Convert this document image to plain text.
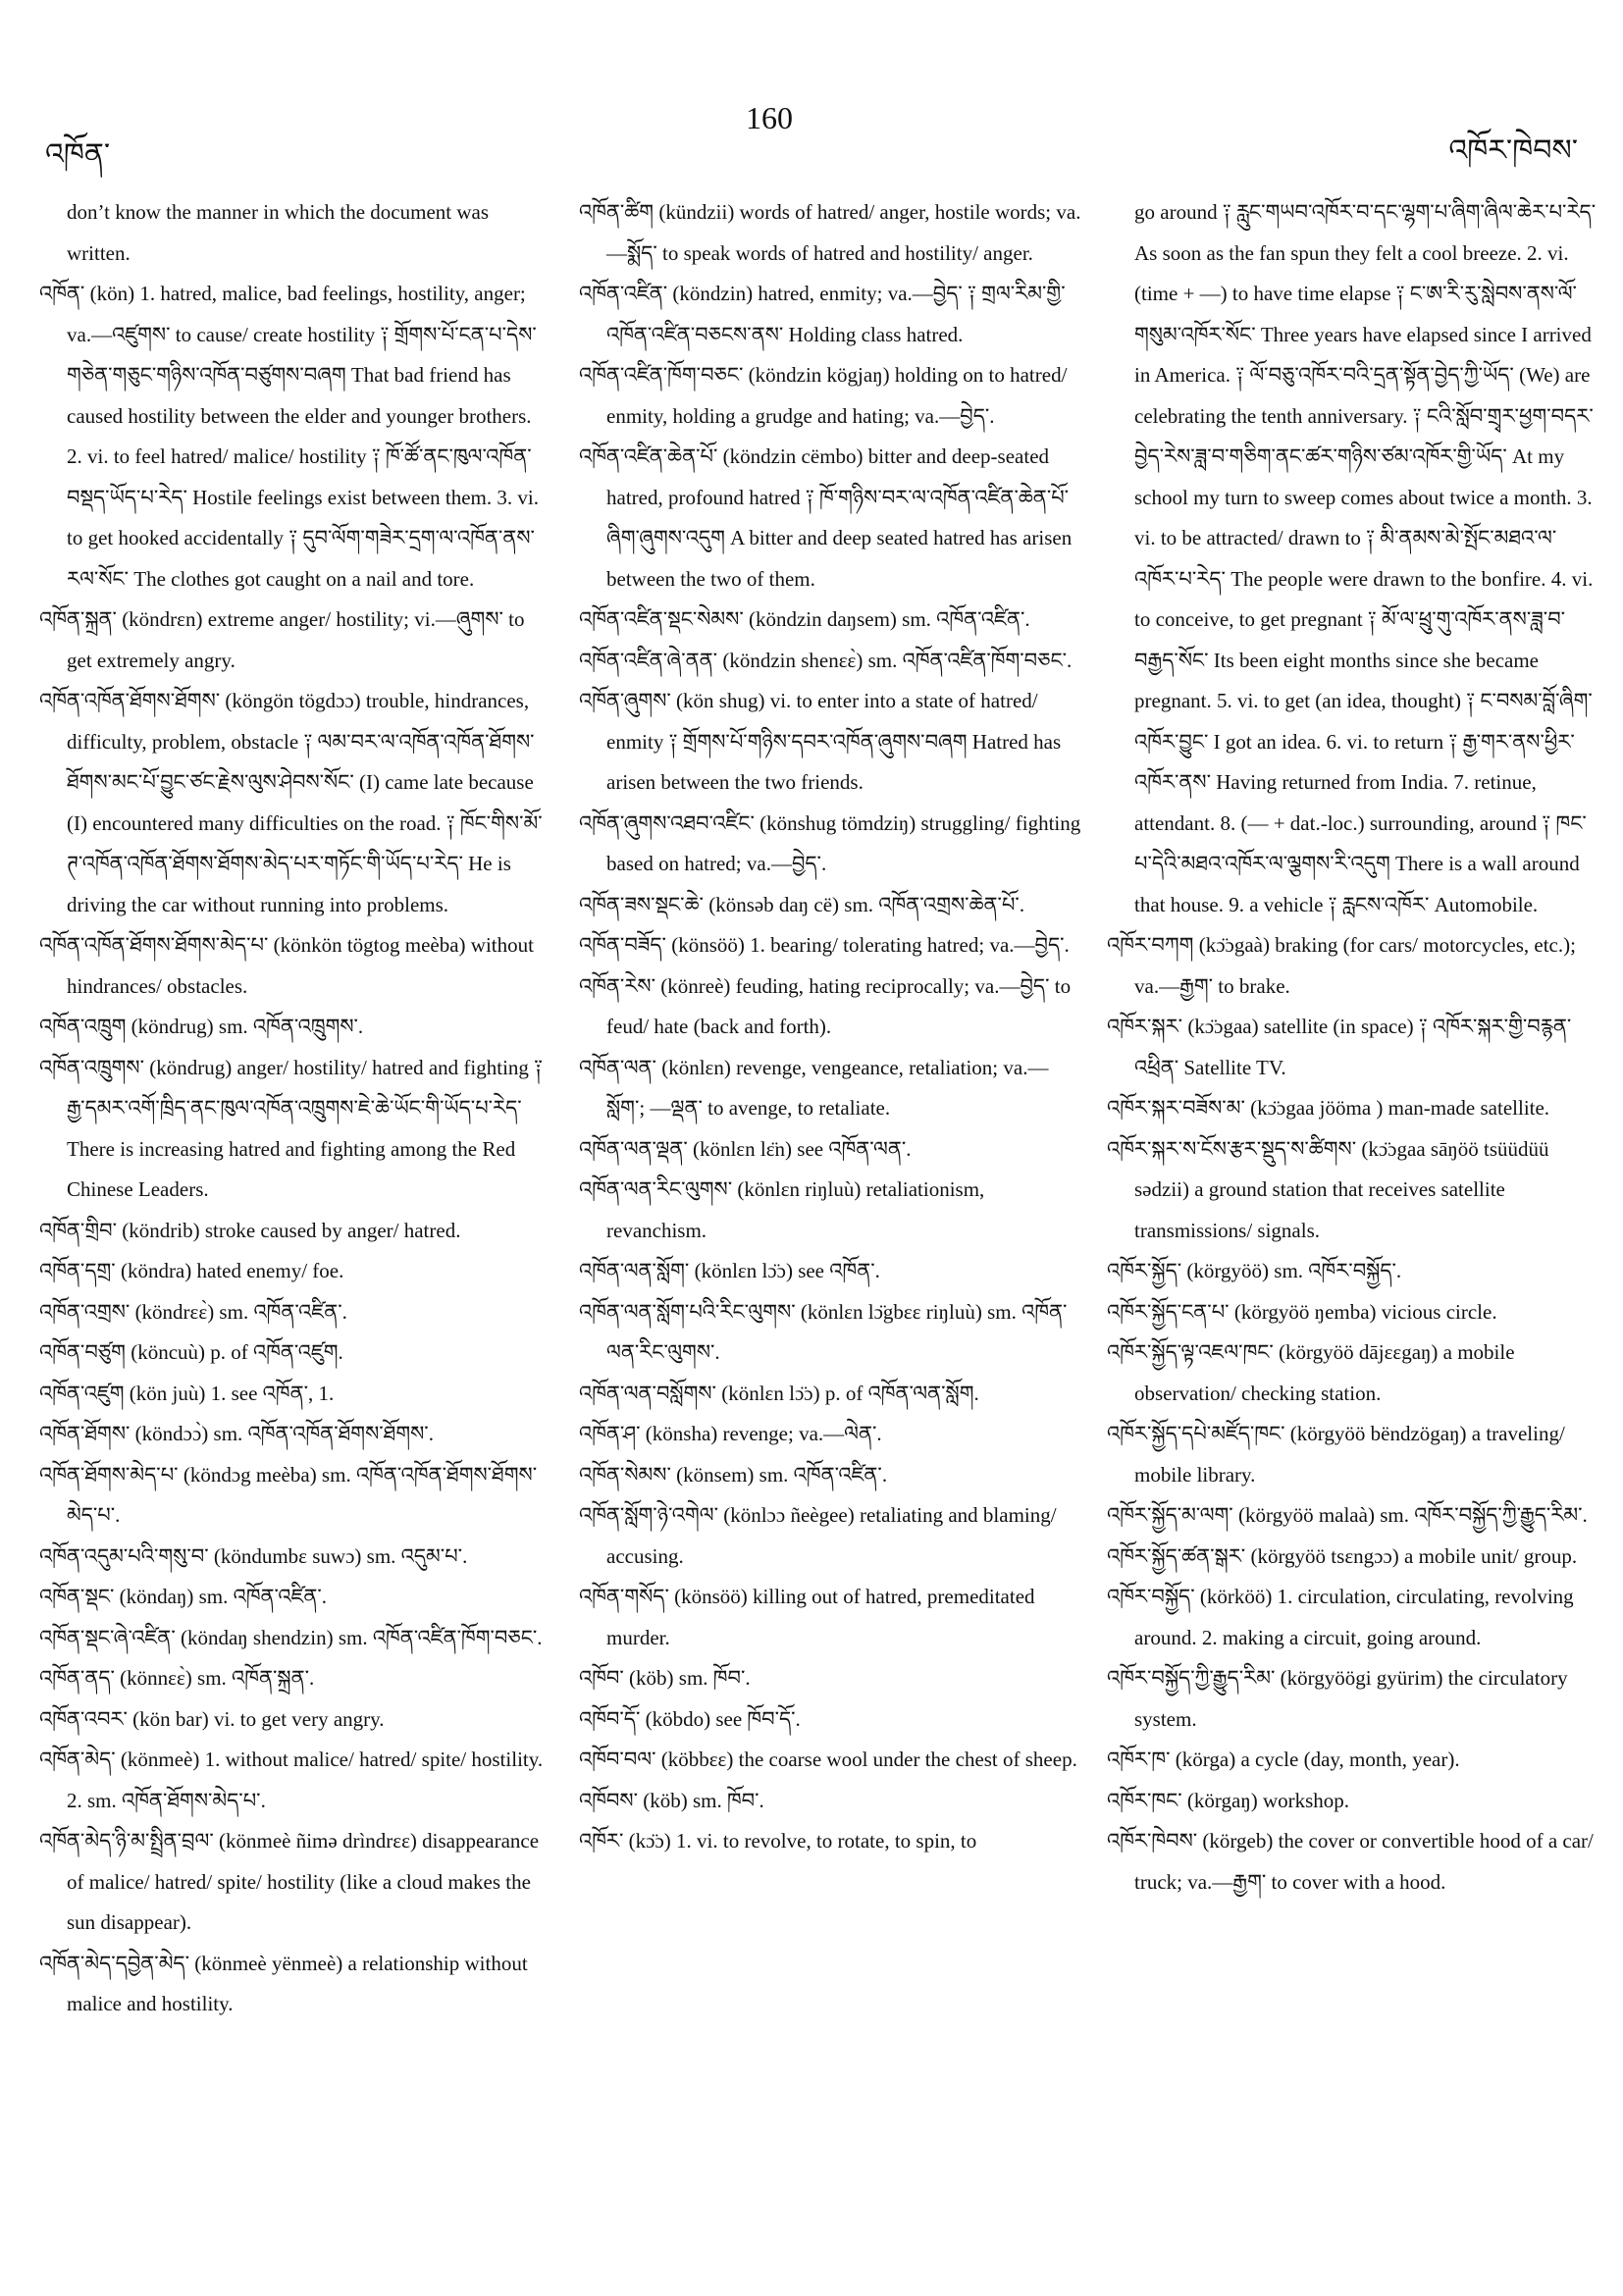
འཁོན་
160
འཁོར་ཁེབས་

don’t know the manner in which the document was written.

འཁོན་ (kön) 1. hatred, malice, bad feelings, hostility, anger; va.—འཛུགས་ to cause/ create hostility ༑ གྲོགས་པོ་ངན་པ་དེས་གཅེན་གཅུང་གཉིས་འཁོན་བཙུགས་བཞག That bad friend has caused hostility between the elder and younger brothers. 2. vi. to feel hatred/ malice/ hostility ༑ ཁོ་ཚོ་ནང་ཁུལ་འཁོན་བསྡད་ཡོད་པ་རེད་ Hostile feelings exist between them. 3. vi. to get hooked accidentally ༑ དུབ་ལོག་གཟེར་དྲག་ལ་འཁོན་ནས་རལ་སོང་ The clothes got caught on a nail and tore.

འཁོན་སྐྲན་ (köndrɛn) extreme anger/ hostility; vi.—ཞུགས་ to get extremely angry.

འཁོན་འཁོན་ཐོགས་ཐོགས་ (köngön tögdɔɔ) trouble, hindrances, difficulty, problem, obstacle ༑ ལམ་བར་ལ་འཁོན་འཁོན་ཐོགས་ཐོགས་མང་པོ་བྱུང་ཙང་རྗེས་ལུས་ཤེབས་སོང་ (I) came late because (I) encountered many difficulties on the road. ༑ ཁོང་གིས་མོ་ཊ་འཁོན་འཁོན་ཐོགས་ཐོགས་མེད་པར་གཏོང་གི་ཡོད་པ་རེད་ He is driving the car without running into problems.

འཁོན་འཁོན་ཐོགས་ཐོགས་མེད་པ་ (könkön tögtog meèba) without hindrances/ obstacles.

འཁོན་འཁྲུག (köndrug) sm. འཁོན་འཁྲུགས་.

འཁོན་འཁྲུགས་ (köndrug) anger/ hostility/ hatred and fighting ༑ རྒྱ་དམར་འགོ་ཁྲིད་ནང་ཁུལ་འཁོན་འཁྲུགས་ཇེ་ཆེ་ཡོང་གི་ཡོད་པ་རེད་ There is increasing hatred and fighting among the Red Chinese Leaders.

འཁོན་གྲིབ་ (köndrib) stroke caused by anger/ hatred.

འཁོན་དགྲ་ (köndra) hated enemy/ foe.

འཁོན་འགྲས་ (köndrɛɛ̀) sm. འཁོན་འཛིན་.

འཁོན་བཙུག (köncuù) p. of འཁོན་འཛུག.

འཁོན་འཛུག (kön juù) 1. see འཁོན་, 1.

འཁོན་ཐོགས་ (köndɔɔ̀) sm. འཁོན་འཁོན་ཐོགས་ཐོགས་.

འཁོན་ཐོགས་མེད་པ་ (köndɔg meèba) sm. འཁོན་འཁོན་ཐོགས་ཐོགས་མེད་པ་.

འཁོན་འདུམ་པའི་གསུ་བ་ (köndumbɛ suwɔ) sm. འདུམ་པ་.

འཁོན་སྡང་ (köndaŋ) sm. འཁོན་འཛིན་.

འཁོན་སྡང་ཞེ་འཛིན་ (köndaŋ shendzin) sm. འཁོན་འཛིན་ཁོག་བཅང་.

འཁོན་ནད་ (könnɛɛ̀) sm. འཁོན་སྐྲན་.

འཁོན་འབར་ (kön bar) vi. to get very angry.

འཁོན་མེད་ (könmeè) 1. without malice/ hatred/ spite/ hostility. 2. sm. འཁོན་ཐོགས་མེད་པ་.

འཁོན་མེད་ཉི་མ་སྤྲིན་བྲལ་ (könmeè ñimə drìndrɛɛ) disappearance of malice/ hatred/ spite/ hostility (like a cloud makes the sun disappear).

འཁོན་མེད་དབྱེན་མེད་ (könmeè yënmeè) a relationship without malice and hostility.

འཁོན་ཚིག (kündzii) words of hatred/ anger, hostile words; va.—སྨོད་ to speak words of hatred and hostility/ anger.

འཁོན་འཛིན་ (köndzin) hatred, enmity; va.—བྱེད་ ༑ གྲལ་རིམ་གྱི་འཁོན་འཛིན་བཅངས་ནས་ Holding class hatred.

འཁོན་འཛིན་ཁོག་བཅང་ (köndzin kögjaŋ) holding on to hatred/ enmity, holding a grudge and hating; va.—བྱེད་.

འཁོན་འཛིན་ཆེན་པོ་ (köndzin cëmbo) bitter and deep-seated hatred, profound hatred ༑ ཁོ་གཉིས་བར་ལ་འཁོན་འཛིན་ཆེན་པོ་ཞིག་ཞུགས་འདུག A bitter and deep seated hatred has arisen between the two of them.

འཁོན་འཛིན་སྡང་སེམས་ (köndzin daŋsem) sm. འཁོན་འཛིན་.

འཁོན་འཛིན་ཞེ་ནན་ (köndzin shenɛɛ̀) sm. འཁོན་འཛིན་ཁོག་བཅང་.

འཁོན་ཞུགས་ (kön shug) vi. to enter into a state of hatred/ enmity ༑ གྲོགས་པོ་གཉིས་དབར་འཁོན་ཞུགས་བཞག Hatred has arisen between the two friends.

འཁོན་ཞུགས་འཐབ་འཛིང་ (könshug tömdziŋ) struggling/ fighting based on hatred; va.—བྱེད་.

འཁོན་ཟས་སྡང་ཆེ་ (könsəb daŋ cë) sm. འཁོན་འགྲས་ཆེན་པོ་.

འཁོན་བཟོད་ (könsöö) 1. bearing/ tolerating hatred; va.—བྱེད་.

འཁོན་རེས་ (könreè) feuding, hating reciprocally; va.—བྱེད་ to feud/ hate (back and forth).

འཁོན་ལན་ (könlɛn) revenge, vengeance, retaliation; va.—སློག་; —ལྡན་ to avenge, to retaliate.

འཁོན་ལན་ལྡན་ (könlɛn lɛ̈n) see འཁོན་ལན་.

འཁོན་ལན་རིང་ལུགས་ (könlɛn riŋluù) retaliationism, revanchism.

འཁོན་ལན་སློག་ (könlɛn lɔ̈ɔ) see འཁོན་.

འཁོན་ལན་སློག་པའི་རིང་ལུགས་ (könlɛn lɔ̈gbɛɛ riŋluù) sm. འཁོན་ལན་རིང་ལུགས་.

འཁོན་ལན་བསློགས་ (könlɛn lɔ̈ɔ) p. of འཁོན་ལན་སློག.

འཁོན་ཤ་ (könsha) revenge; va.—ལེན་.

འཁོན་སེམས་ (könsem) sm. འཁོན་འཛིན་.

འཁོན་སློག་ཉེ་འགེལ་ (könlɔɔ ñeègee) retaliating and blaming/ accusing.

འཁོན་གསོད་ (könsöö) killing out of hatred, premeditated murder.

འཁོབ་ (köb) sm. ཁོབ་.

འཁོབ་དོ་ (köbdo) see ཁོབ་དོ་.

འཁོབ་བལ་ (köbbɛɛ) the coarse wool under the chest of sheep.

འཁོབས་ (köb) sm. ཁོབ་.

འཁོར་ (kɔ̈ɔ) 1. vi. to revolve, to rotate, to spin, to

go around ༑ རླུང་གཡབ་འཁོར་བ་དང་ལྷག་པ་ཞིག་ཞིལ་ཆེར་པ་རེད་ As soon as the fan spun they felt a cool breeze. 2. vi. (time + —) to have time elapse ༑ ང་ཨ་རི་རུ་སླེབས་ནས་ལོ་གསུམ་འཁོར་སོང་ Three years have elapsed since I arrived in America. ༑ ལོ་བཅུ་འཁོར་བའི་དྲན་སྟོན་བྱེད་ཀྱི་ཡོད་ (We) are celebrating the tenth anniversary. ༑ ངའི་སློབ་གྲྭར་ཕྱག་བདར་བྱེད་རེས་ཟླ་བ་གཅིག་ནང་ཚར་གཉིས་ཙམ་འཁོར་གྱི་ཡོད་ At my school my turn to sweep comes about twice a month. 3. vi. to be attracted/ drawn to ༑ མི་ནམས་མེ་སྤོང་མཐའ་ལ་འཁོར་པ་རེད་ The people were drawn to the bonfire. 4. vi. to conceive, to get pregnant ༑ མོ་ལ་ཕྲུ་གུ་འཁོར་ནས་ཟླ་བ་བརྒྱད་སོང་ Its been eight months since she became pregnant. 5. vi. to get (an idea, thought) ༑ ང་བསམ་བློ་ཞིག་འཁོར་བྱུང་ I got an idea. 6. vi. to return ༑ རྒྱ་གར་ནས་ཕྱིར་འཁོར་ནས་ Having returned from India. 7. retinue, attendant. 8. (— + dat.-loc.) surrounding, around ༑ ཁང་པ་དེའི་མཐའ་འཁོར་ལ་ལྕགས་རི་འདུག There is a wall around that house. 9. a vehicle ༑ རླངས་འཁོར་ Automobile.

འཁོར་བཀག (kɔ̈ɔgaà) braking (for cars/ motorcycles, etc.); va.—རྒྱག་ to brake.

འཁོར་སྐར་ (kɔ̈ɔgaa) satellite (in space) ༑ འཁོར་སྐར་གྱི་བརྙན་འཕྲིན་ Satellite TV.

འཁོར་སྐར་བཟོས་མ་ (kɔ̈ɔgaa jööma ) man-made satellite.

འཁོར་སྐར་ས་ངོས་རྩར་སྡུད་ས་ཚིགས་ (kɔ̈ɔgaa sāŋöö tsüüdüü sədzii) a ground station that receives satellite transmissions/ signals.

འཁོར་སྐྱོད་ (körgyöö) sm. འཁོར་བསྐྱོད་.

འཁོར་སྐྱོད་ངན་པ་ (körgyöö ŋemba) vicious circle.

འཁོར་སྐྱོད་ལྟ་འཇལ་ཁང་ (körgyöö dājɛɛgaŋ) a mobile observation/ checking station.

འཁོར་སྐྱོད་དཔེ་མཛོད་ཁང་ (körgyöö bëndzögaŋ) a traveling/ mobile library.

འཁོར་སྐྱོད་མ་ལག་ (körgyöö malaà) sm. འཁོར་བསྐྱོད་ཀྱི་རྒྱུད་རིམ་.

འཁོར་སྐྱོད་ཚན་སྒར་ (körgyöö tsɛngɔɔ) a mobile unit/ group.

འཁོར་བསྐྱོད་ (körköö) 1. circulation, circulating, revolving around. 2. making a circuit, going around.

འཁོར་བསྐྱོད་ཀྱི་རྒྱུད་རིམ་ (körgyöögi gyürim) the circulatory system.

འཁོར་ཁ་ (körga) a cycle (day, month, year).

འཁོར་ཁང་ (körgaŋ) workshop.

འཁོར་ཁེབས་ (körgeb) the cover or convertible hood of a car/ truck; va.—རྒྱག་ to cover with a hood.
